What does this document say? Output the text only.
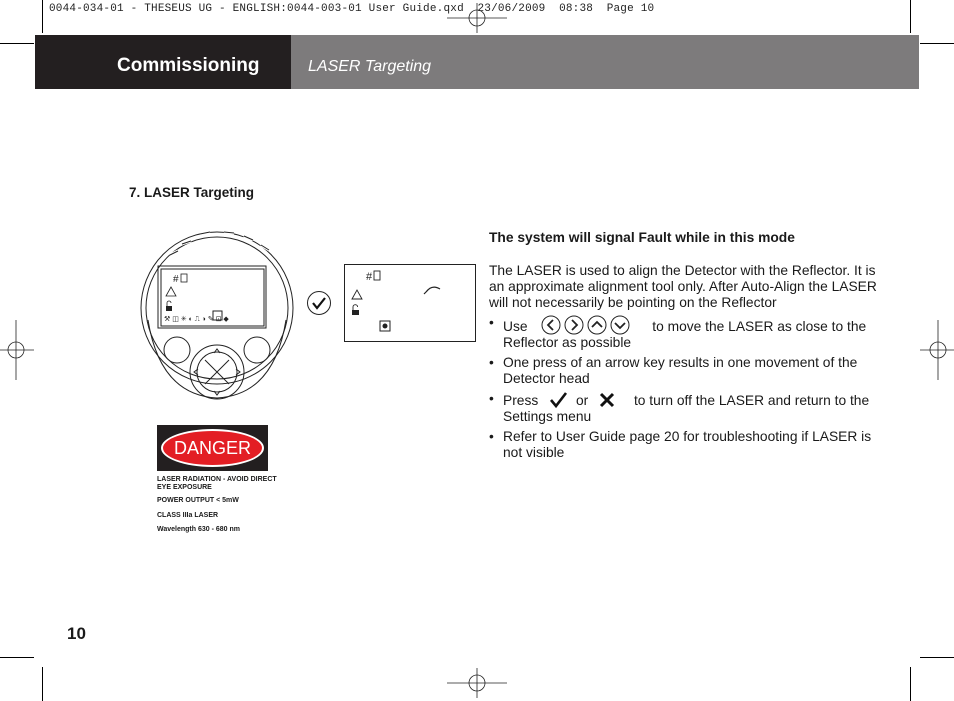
0044-034-01 - THESEUS UG - ENGLISH:0044-003-01 User Guide.qxd  23/06/2009  08:38  Page 10
Commissioning	LASER Targeting
7. LASER Targeting
#
⚒ ◫ ✳ ◐ ⎍ ◑ ✎ ⊡ ◆
#
The system will signal Fault while in this mode
The LASER is used to align the Detector with the Reflector. It is an approximate alignment tool only. After Auto-Align the LASER will not necessarily be pointing on the Reflector
• Use	to move the LASER as close to the Reflector as possible
• One press of an arrow key results in one movement of the Detector head
• Press	or	to turn off the LASER and return to the Settings menu
• Refer to User Guide page 20 for troubleshooting if LASER is not visible
DANGER
LASER RADIATION - AVOID DIRECT EYE EXPOSURE
POWER OUTPUT < 5mW
CLASS IIIa LASER
Wavelength 630 - 680 nm
10
